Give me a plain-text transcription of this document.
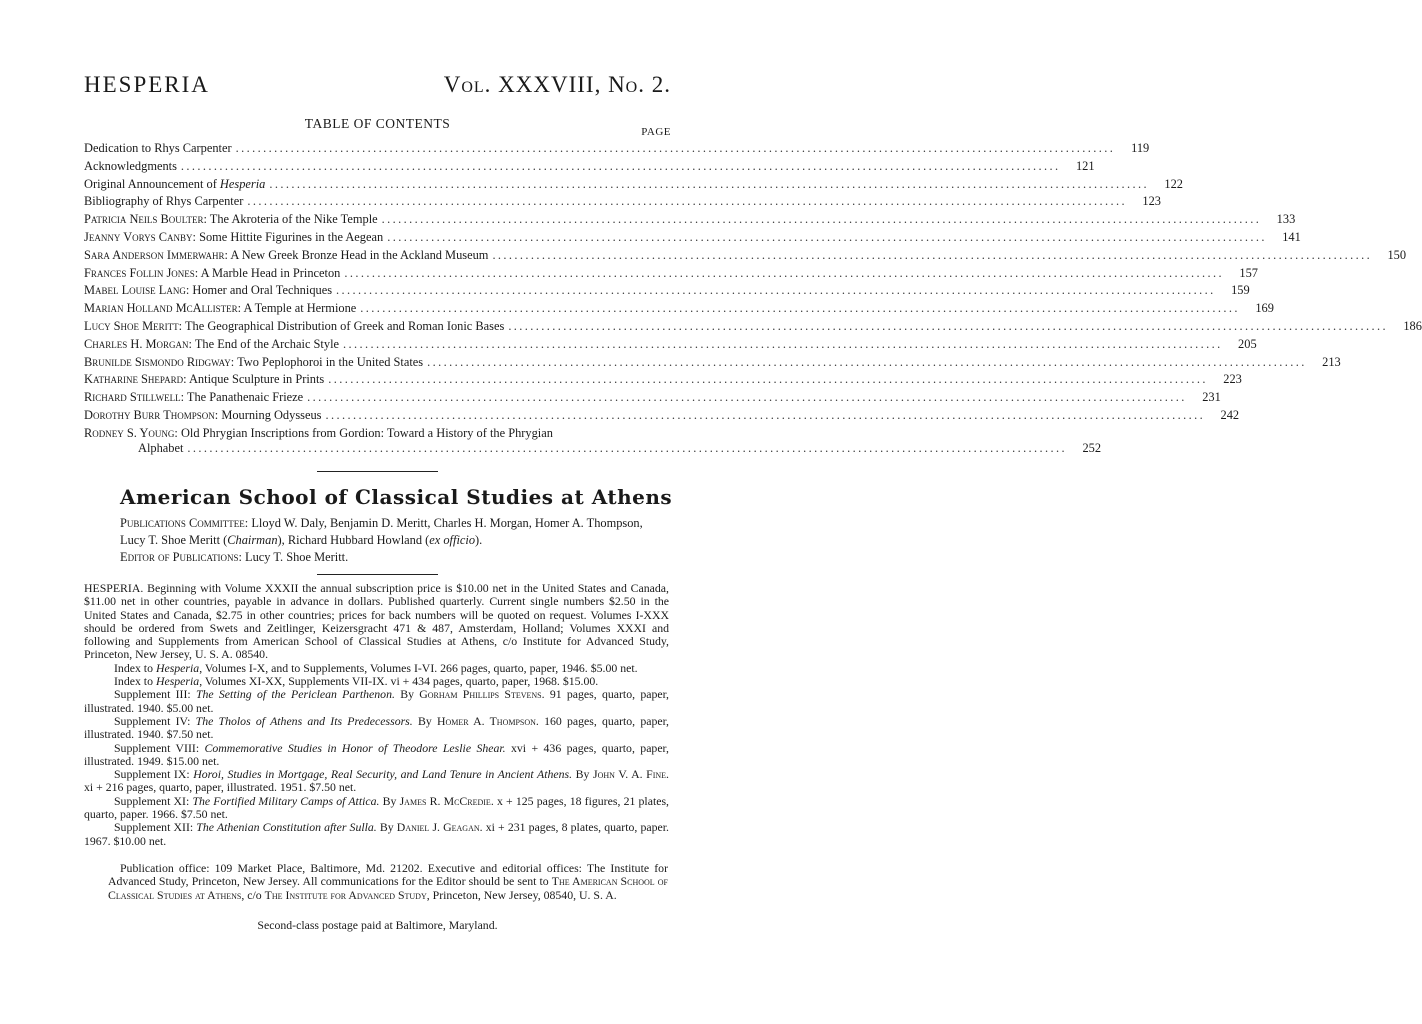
HESPERIA	Vol. XXXVIII, No. 2.
TABLE OF CONTENTS
PAGE
Dedication to Rhys Carpenter ................................................................................................................................................................	119
Acknowledgments ................................................................................................................................................................	121
Original Announcement of Hesperia ................................................................................................................................................................	122
Bibliography of Rhys Carpenter ................................................................................................................................................................	123
Patricia Neils Boulter: The Akroteria of the Nike Temple ................................................................................................................................................................	133
Jeanny Vorys Canby: Some Hittite Figurines in the Aegean ................................................................................................................................................................	141
Sara Anderson Immerwahr: A New Greek Bronze Head in the Ackland Museum ................................................................................................................................................................	150
Frances Follin Jones: A Marble Head in Princeton ................................................................................................................................................................	157
Mabel Louise Lang: Homer and Oral Techniques ................................................................................................................................................................	159
Marian Holland McAllister: A Temple at Hermione ................................................................................................................................................................	169
Lucy Shoe Meritt: The Geographical Distribution of Greek and Roman Ionic Bases ................................................................................................................................................................	186
Charles H. Morgan: The End of the Archaic Style ................................................................................................................................................................	205
Brunilde Sismondo Ridgway: Two Peplophoroi in the United States ................................................................................................................................................................	213
Katharine Shepard: Antique Sculpture in Prints ................................................................................................................................................................	223
Richard Stillwell: The Panathenaic Frieze ................................................................................................................................................................	231
Dorothy Burr Thompson: Mourning Odysseus ................................................................................................................................................................	242
Rodney S. Young: Old Phrygian Inscriptions from Gordion: Toward a History of the Phrygian
Alphabet ................................................................................................................................................................	252
American School of Classical Studies at Athens
Publications Committee: Lloyd W. Daly, Benjamin D. Meritt, Charles H. Morgan, Homer A. Thompson, Lucy T. Shoe Meritt (Chairman), Richard Hubbard Howland (ex officio).
Editor of Publications: Lucy T. Shoe Meritt.

HESPERIA. Beginning with Volume XXXII the annual subscription price is $10.00 net in the United States and Canada, $11.00 net in other countries, payable in advance in dollars. Published quarterly. Current single numbers $2.50 in the United States and Canada, $2.75 in other countries; prices for back numbers will be quoted on request. Volumes I-XXX should be ordered from Swets and Zeitlinger, Keizersgracht 471 & 487, Amsterdam, Holland; Volumes XXXI and following and Supplements from American School of Classical Studies at Athens, c/o Institute for Advanced Study, Princeton, New Jersey, U. S. A. 08540.

Index to Hesperia, Volumes I-X, and to Supplements, Volumes I-VI. 266 pages, quarto, paper, 1946. $5.00 net.

Index to Hesperia, Volumes XI-XX, Supplements VII-IX. vi + 434 pages, quarto, paper, 1968. $15.00.

Supplement III: The Setting of the Periclean Parthenon. By Gorham Phillips Stevens. 91 pages, quarto, paper, illustrated. 1940. $5.00 net.

Supplement IV: The Tholos of Athens and Its Predecessors. By Homer A. Thompson. 160 pages, quarto, paper, illustrated. 1940. $7.50 net.

Supplement VIII: Commemorative Studies in Honor of Theodore Leslie Shear. xvi + 436 pages, quarto, paper, illustrated. 1949. $15.00 net.

Supplement IX: Horoi, Studies in Mortgage, Real Security, and Land Tenure in Ancient Athens. By John V. A. Fine. xi + 216 pages, quarto, paper, illustrated. 1951. $7.50 net.

Supplement XI: The Fortified Military Camps of Attica. By James R. McCredie. x + 125 pages, 18 figures, 21 plates, quarto, paper. 1966. $7.50 net.

Supplement XII: The Athenian Constitution after Sulla. By Daniel J. Geagan. xi + 231 pages, 8 plates, quarto, paper. 1967. $10.00 net.

Publication office: 109 Market Place, Baltimore, Md. 21202. Executive and editorial offices: The Institute for Advanced Study, Princeton, New Jersey. All communications for the Editor should be sent to The American School of Classical Studies at Athens, c/o The Institute for Advanced Study, Princeton, New Jersey, 08540, U. S. A.
Second-class postage paid at Baltimore, Maryland.
